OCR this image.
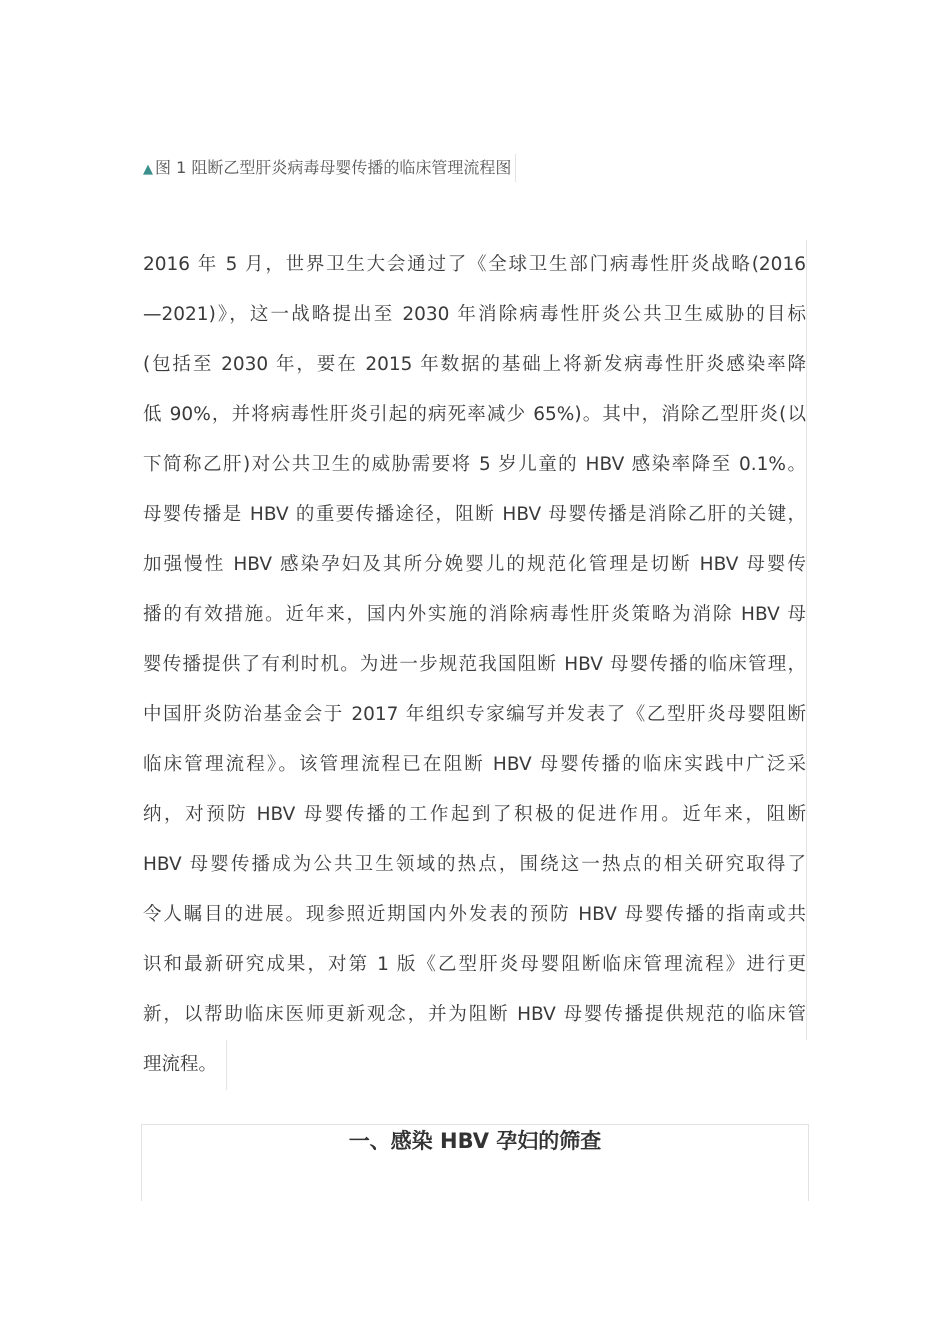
▲ 图 1 阻断乙型肝炎病毒母婴传播的临床管理流程图
2016 年 5 月，世界卫生大会通过了《全球卫生部门病毒性肝炎战略(2016
—2021)》，这一战略提出至 2030 年消除病毒性肝炎公共卫生威胁的目标
(包括至 2030 年，要在 2015 年数据的基础上将新发病毒性肝炎感染率降
低 90%，并将病毒性肝炎引起的病死率减少 65%)。其中，消除乙型肝炎(以
下简称乙肝)对公共卫生的威胁需要将 5 岁儿童的 HBV 感染率降至 0.1%。
母婴传播是 HBV 的重要传播途径，阻断 HBV 母婴传播是消除乙肝的关键，
加强慢性 HBV 感染孕妇及其所分娩婴儿的规范化管理是切断 HBV 母婴传
播的有效措施。近年来，国内外实施的消除病毒性肝炎策略为消除 HBV 母
婴传播提供了有利时机。为进一步规范我国阻断 HBV 母婴传播的临床管理，
中国肝炎防治基金会于 2017 年组织专家编写并发表了《乙型肝炎母婴阻断
临床管理流程》。该管理流程已在阻断 HBV 母婴传播的临床实践中广泛采
纳，对预防 HBV 母婴传播的工作起到了积极的促进作用。近年来，阻断
HBV 母婴传播成为公共卫生领域的热点，围绕这一热点的相关研究取得了
令人瞩目的进展。现参照近期国内外发表的预防 HBV 母婴传播的指南或共
识和最新研究成果，对第 1 版《乙型肝炎母婴阻断临床管理流程》进行更
新，以帮助临床医师更新观念，并为阻断 HBV 母婴传播提供规范的临床管
理流程。
一、感染 HBV 孕妇的筛查
